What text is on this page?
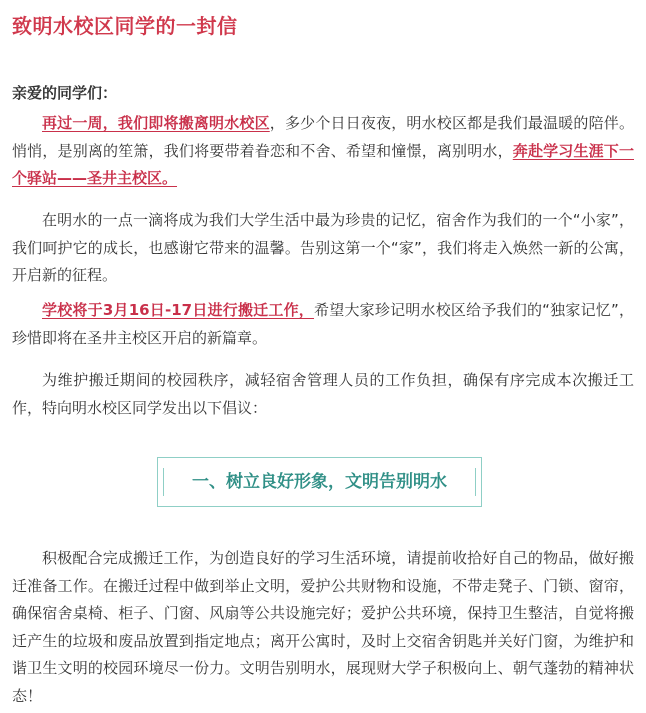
致明水校区同学的一封信
亲爱的同学们：
再过一周，我们即将搬离明水校区，多少个日日夜夜，明水校区都是我们最温暖的陪伴。悄悄，是别离的笙箫，我们将要带着眷恋和不舍、希望和憧憬，离别明水，奔赴学习生涯下一个驿站——圣井主校区。
在明水的一点一滴将成为我们大学生活中最为珍贵的记忆，宿舍作为我们的一个“小家”，我们呵护它的成长，也感谢它带来的温馨。告别这第一个“家”，我们将走入焕然一新的公寓，开启新的征程。
学校将于3月16日-17日进行搬迁工作，希望大家珍记明水校区给予我们的“独家记忆”，珍惜即将在圣井主校区开启的新篇章。
为维护搬迁期间的校园秩序，减轻宿舍管理人员的工作负担，确保有序完成本次搬迁工作，特向明水校区同学发出以下倡议：
一、树立良好形象，文明告别明水
积极配合完成搬迁工作，为创造良好的学习生活环境，请提前收拾好自己的物品，做好搬迁准备工作。在搬迁过程中做到举止文明，爱护公共财物和设施，不带走凳子、门锁、窗帘，确保宿舍桌椅、柜子、门窗、风扇等公共设施完好；爱护公共环境，保持卫生整洁，自觉将搬迁产生的垃圾和废品放置到指定地点；离开公寓时，及时上交宿舍钥匙并关好门窗，为维护和谐卫生文明的校园环境尽一份力。文明告别明水，展现财大学子积极向上、朝气蓬勃的精神状态！
